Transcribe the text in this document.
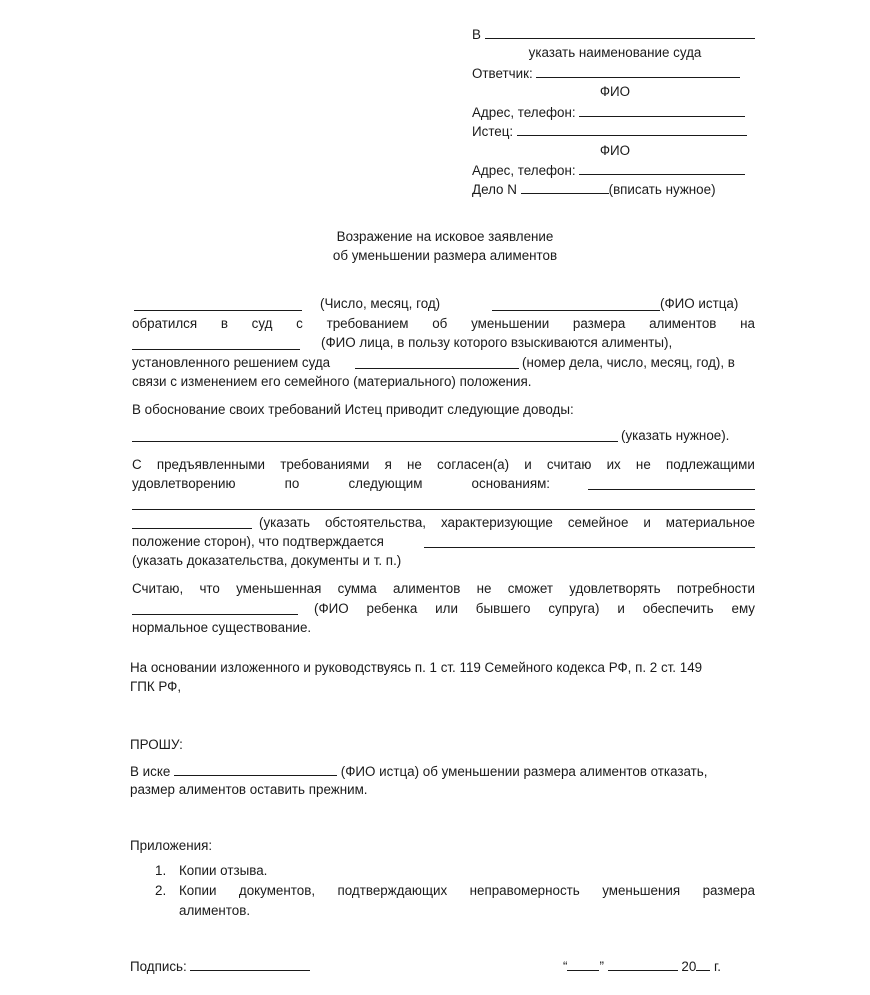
В
указать наименование суда
Ответчик:
ФИО
Адрес, телефон:
Истец:
ФИО
Адрес, телефон:
Дело N	(вписать нужное)
Возражение на исковое заявление
об уменьшении размера алиментов
(Число, месяц, год)	(ФИО истца)
обратился в суд с требованием об уменьшении размера алиментов на
(ФИО лица, в пользу которого взыскиваются алименты),
установленного решением суда	(номер дела, число, месяц, год), в
связи с изменением его семейного (материального) положения.
В обоснование своих требований Истец приводит следующие доводы:
(указать нужное).
С предъявленными требованиями я не согласен(а) и считаю их не подлежащими
удовлетворению	по	следующим	основаниям:
(указать обстоятельства, характеризующие семейное и материальное
положение сторон), что подтверждается
(указать доказательства, документы и т. п.)
Считаю, что уменьшенная сумма алиментов не сможет удовлетворять потребности
(ФИО ребенка или бывшего супруга) и обеспечить ему
нормальное существование.
На основании изложенного и руководствуясь п. 1 ст. 119 Семейного кодекса РФ, п. 2 ст. 149
ГПК РФ,
ПРОШУ:
В иске	(ФИО истца) об уменьшении размера алиментов отказать,
размер алиментов оставить прежним.
Приложения:
1. Копии отзыва.
2. Копии документов, подтверждающих неправомерность уменьшения размера
алиментов.
Подпись:	“ ”	20 г.
